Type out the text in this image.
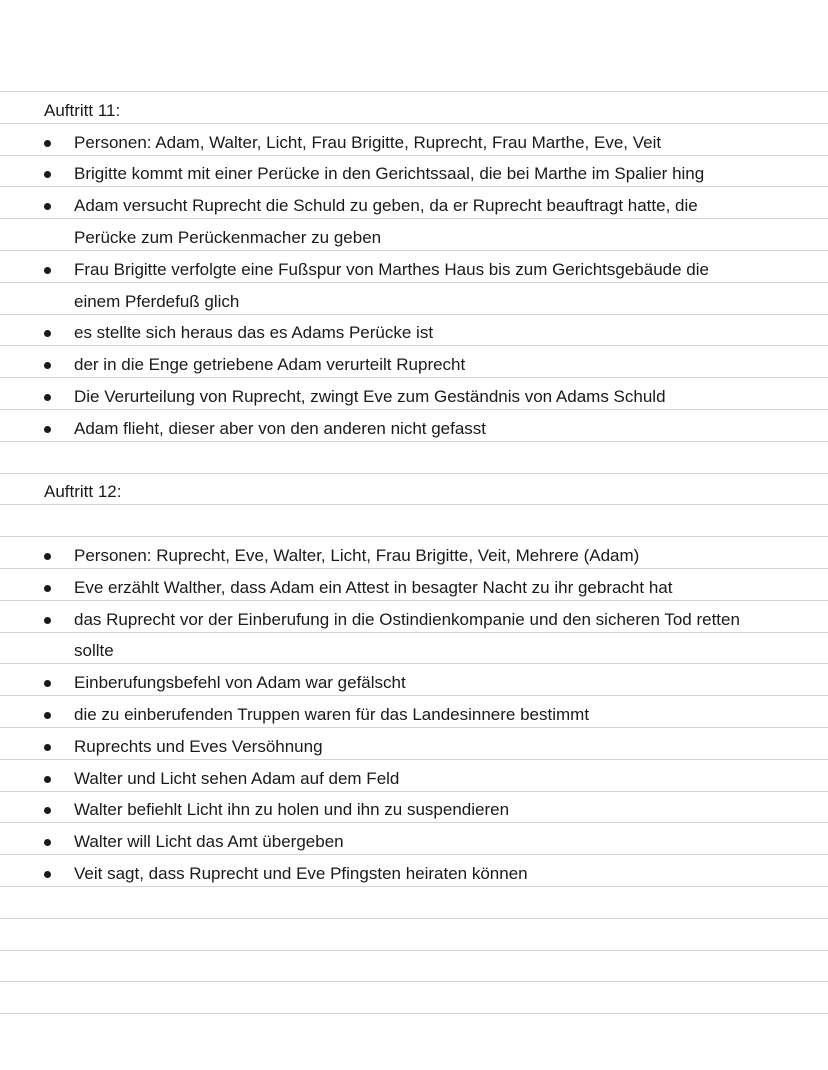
Auftritt 11:
Personen: Adam, Walter, Licht, Frau Brigitte, Ruprecht, Frau Marthe, Eve, Veit
Brigitte kommt mit einer Perücke in den Gerichtssaal, die bei Marthe im Spalier hing
Adam versucht Ruprecht die Schuld zu geben, da er Ruprecht beauftragt hatte, die
Perücke zum Perückenmacher zu geben
Frau Brigitte verfolgte eine Fußspur von Marthes Haus bis zum Gerichtsgebäude die
einem Pferdefuß glich
es stellte sich heraus das es Adams Perücke ist
der in die Enge getriebene Adam verurteilt Ruprecht
Die Verurteilung von Ruprecht, zwingt Eve zum Geständnis von Adams Schuld
Adam flieht, dieser aber von den anderen nicht gefasst
Auftritt 12:
Personen: Ruprecht, Eve, Walter, Licht, Frau Brigitte, Veit, Mehrere (Adam)
Eve erzählt Walther, dass Adam ein Attest in besagter Nacht zu ihr gebracht hat
das Ruprecht vor der Einberufung in die Ostindienkompanie und den sicheren Tod retten
sollte
Einberufungsbefehl von Adam war gefälscht
die zu einberufenden Truppen waren für das Landesinnere bestimmt
Ruprechts und Eves Versöhnung
Walter und Licht sehen Adam auf dem Feld
Walter befiehlt Licht ihn zu holen und ihn zu suspendieren
Walter will Licht das Amt übergeben
Veit sagt, dass Ruprecht und Eve Pfingsten heiraten können
